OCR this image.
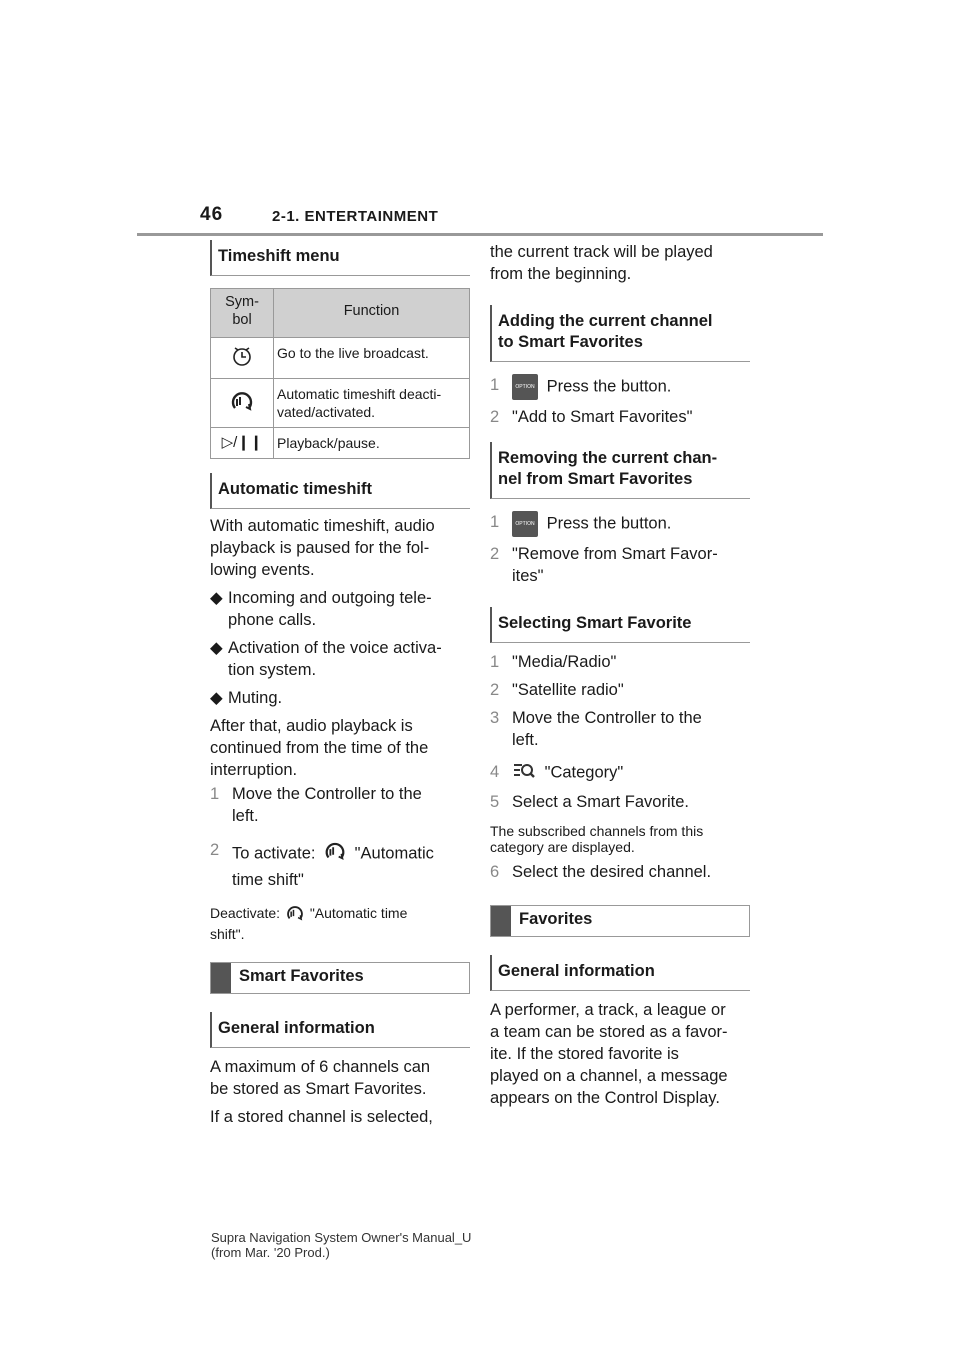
46	2-1. ENTERTAINMENT
Timeshift menu
Sym-
bol	Function
	Go to the live broadcast.
	Automatic timeshift deacti-
vated/activated.
▷/❙❙	Playback/pause.
Automatic timeshift
With automatic timeshift, audio
playback is paused for the fol-
lowing events.
◆ Incoming and outgoing tele-
phone calls.
◆ Activation of the voice activa-
tion system.
◆ Muting.
After that, audio playback is
continued from the time of the
interruption.
1 Move the Controller to the
left.
2 To activate: "Automatic
time shift"
Deactivate: "Automatic time
shift".
Smart Favorites
General information
A maximum of 6 channels can
be stored as Smart Favorites.
If a stored channel is selected,
the current track will be played
from the beginning.
Adding the current channel
to Smart Favorites
1	OPTION Press the button.
2 "Add to Smart Favorites"
Removing the current chan-
nel from Smart Favorites
1	OPTION Press the button.
2 "Remove from Smart Favor-
ites"
Selecting Smart Favorite
1 "Media/Radio"
2 "Satellite radio"
3 Move the Controller to the
left.
4	"Category"
5 Select a Smart Favorite.
The subscribed channels from this
category are displayed.
6 Select the desired channel.
Favorites
General information
A performer, a track, a league or
a team can be stored as a favor-
ite. If the stored favorite is
played on a channel, a message
appears on the Control Display.
Supra Navigation System Owner's Manual_U
(from Mar. '20 Prod.)
